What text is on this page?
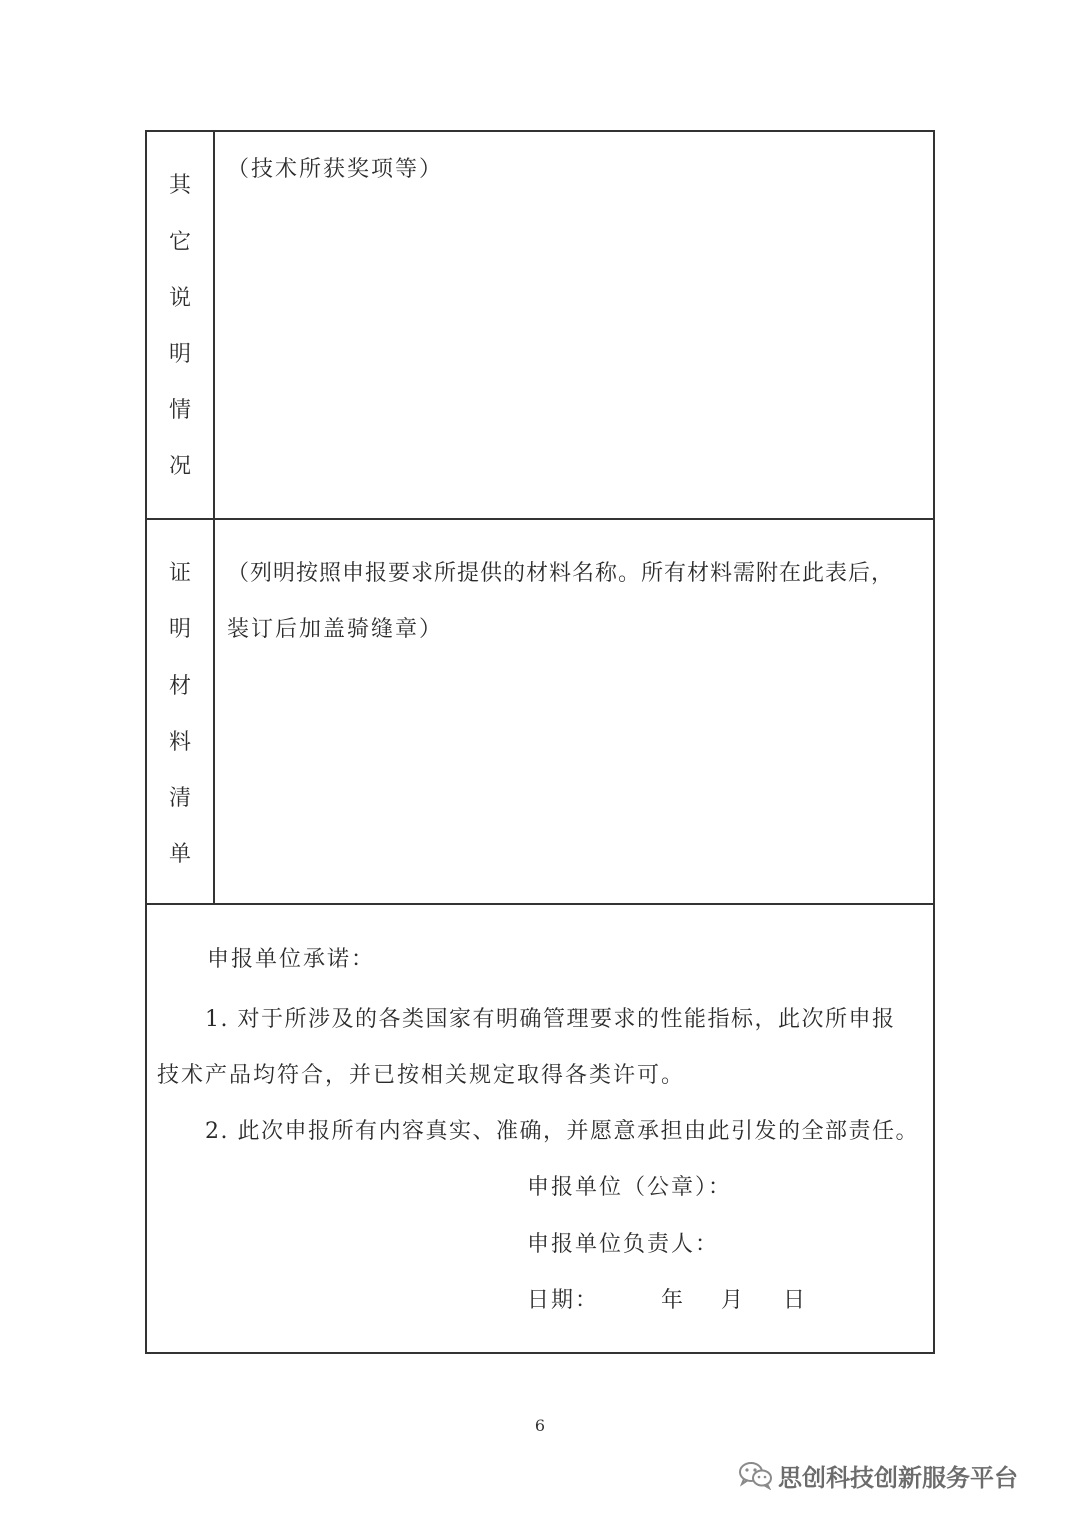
其
它
说
明
情
况
（技术所获奖项等）
证
明
材
料
清
单
（列明按照申报要求所提供的材料名称。所有材料需附在此表后，
装订后加盖骑缝章）
申报单位承诺：
1. 对于所涉及的各类国家有明确管理要求的性能指标，此次所申报
技术产品均符合，并已按相关规定取得各类许可。
2. 此次申报所有内容真实、准确，并愿意承担由此引发的全部责任。
申报单位（公章）：
申报单位负责人：
日期：	年 月 日
6
思创科技创新服务平台
